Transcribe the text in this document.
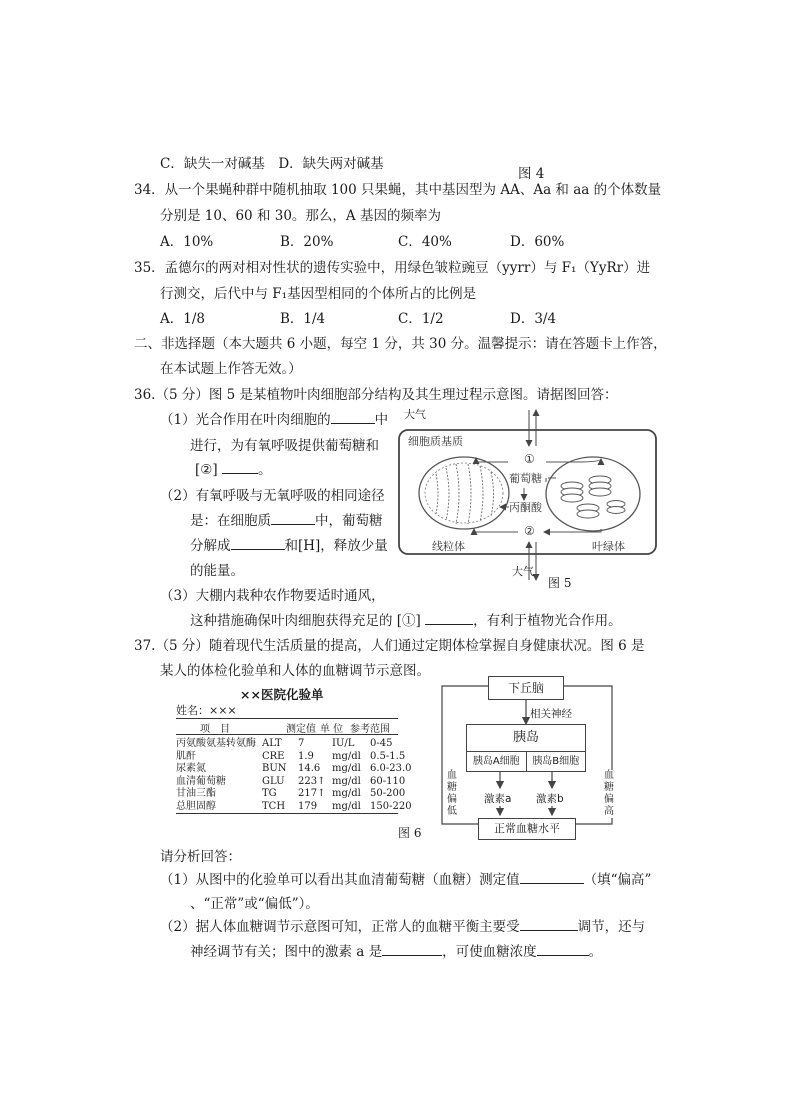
C．缺失一对碱基　D．缺失两对碱基
图 4
34．从一个果蝇种群中随机抽取 100 只果蝇，其中基因型为 AA、Aa 和 aa 的个体数量
分别是 10、60 和 30。那么，A 基因的频率为
A．10%	B．20%	C．40%	D．60%
35．孟德尔的两对相对性状的遗传实验中，用绿色皱粒豌豆（yyrr）与 F₁（YyRr）进
行测交，后代中与 F₁基因型相同的个体所占的比例是
A．1/8	B．1/4	C．1/2	D．3/4
二、非选择题（本大题共 6 小题，每空 1 分，共 30 分。温馨提示：请在答题卡上作答，
在本试题上作答无效。）
36.（5 分）图 5 是某植物叶肉细胞部分结构及其生理过程示意图。请据图回答：
（1）光合作用在叶肉细胞的	中
进行，为有氧呼吸提供葡萄糖和
[②]	。
（2）有氧呼吸与无氧呼吸的相同途径
是：在细胞质	中，葡萄糖
分解成	和[H]，释放少量
的能量。
（3）大棚内栽种农作物要适时通风，
这种措施确保叶肉细胞获得充足的 [①]	，有利于植物光合作用。
细胞质基质
葡萄糖
丙酮酸
线粒体	叶绿体
①
②
大气
大气
图 5
37.（5 分）随着现代生活质量的提高，人们通过定期体检掌握自身健康状况。图 6 是
某人的体检化验单和人体的血糖调节示意图。
××医院化验单
姓名：×××
项　目	测定值 单 位 参考范围
丙氨酸氨基转氨酶	ALT	7	IU/L	0-45
肌酐	CRE	1.9	mg/dl	0.5-1.5
尿素氮	BUN	14.6	mg/dl	6.0-23.0
血清葡萄糖	GLU	223↑	mg/dl	60-110
甘油三酯	TG	217↑	mg/dl	50-200
总胆固醇	TCH	179	mg/dl	150-220
下丘脑
相关神经
胰岛
胰岛A细胞	胰岛B细胞
激素a 激素b
正常血糖水平
血糖偏低
血糖偏高
图 6
请分析回答：
（1）从图中的化验单可以看出其血清葡萄糖（血糖）测定值	（填“偏高”
、“正常”或“偏低”）。
（2）据人体血糖调节示意图可知，正常人的血糖平衡主要受	调节，还与
神经调节有关；图中的激素 a 是	，可使血糖浓度	。
